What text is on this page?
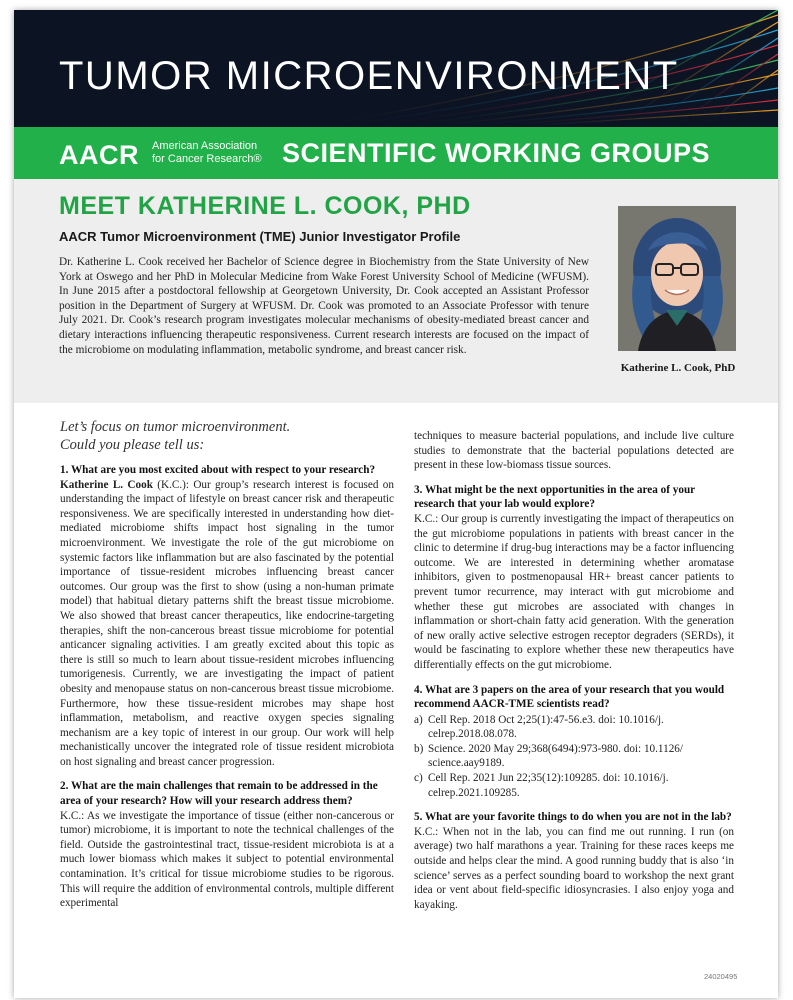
TUMOR MICROENVIRONMENT
AACR American Association
for Cancer Research® SCIENTIFIC WORKING GROUPS
MEET KATHERINE L. COOK, PHD
AACR Tumor Microenvironment (TME) Junior Investigator Profile
Dr. Katherine L. Cook received her Bachelor of Science degree in Biochemistry from the State University of New York at Oswego and her PhD in Molecular Medicine from Wake Forest University School of Medicine (WFUSM). In June 2015 after a postdoctoral fellowship at Georgetown University, Dr. Cook accepted an Assistant Professor position in the Department of Surgery at WFUSM. Dr. Cook was promoted to an Associate Professor with tenure July 2021. Dr. Cook’s research program investigates molecular mechanisms of obesity-mediated breast cancer and dietary interactions influencing therapeutic responsiveness. Current research interests are focused on the impact of the microbiome on modulating inflammation, metabolic syndrome, and breast cancer risk.
Katherine L. Cook, PhD
Let’s focus on tumor microenvironment.
Could you please tell us:
1. What are you most excited about with respect to your research?
Katherine L. Cook (K.C.): Our group’s research interest is focused on understanding the impact of lifestyle on breast cancer risk and therapeutic responsiveness. We are specifically interested in understanding how diet-mediated microbiome shifts impact host signaling in the tumor microenvironment. We investigate the role of the gut microbiome on systemic factors like inflammation but are also fascinated by the potential importance of tissue-resident microbes influencing breast cancer outcomes. Our group was the first to show (using a non-human primate model) that habitual dietary patterns shift the breast tissue microbiome. We also showed that breast cancer therapeutics, like endocrine-targeting therapies, shift the non-cancerous breast tissue microbiome for potential anticancer signaling activities. I am greatly excited about this topic as there is still so much to learn about tissue-resident microbes influencing tumorigenesis. Currently, we are investigating the impact of patient obesity and menopause status on non-cancerous breast tissue microbiome. Furthermore, how these tissue-resident microbes may shape host inflammation, metabolism, and reactive oxygen species signaling mechanism are a key topic of interest in our group. Our work will help mechanistically uncover the integrated role of tissue resident microbiota on host signaling and breast cancer progression.
2. What are the main challenges that remain to be addressed in the area of your research? How will your research address them?
K.C.: As we investigate the importance of tissue (either non-cancerous or tumor) microbiome, it is important to note the technical challenges of the field. Outside the gastrointestinal tract, tissue-resident microbiota is at a much lower biomass which makes it subject to potential environmental contamination. It’s critical for tissue microbiome studies to be rigorous. This will require the addition of environmental controls, multiple different experimental
techniques to measure bacterial populations, and include live culture studies to demonstrate that the bacterial populations detected are present in these low-biomass tissue sources.
3. What might be the next opportunities in the area of your research that your lab would explore?
K.C.: Our group is currently investigating the impact of therapeutics on the gut microbiome populations in patients with breast cancer in the clinic to determine if drug-bug interactions may be a factor influencing outcome. We are interested in determining whether aromatase inhibitors, given to postmenopausal HR+ breast cancer patients to prevent tumor recurrence, may interact with gut microbiome and whether these gut microbes are associated with changes in inflammation or short-chain fatty acid generation. With the generation of new orally active selective estrogen receptor degraders (SERDs), it would be fascinating to explore whether these new therapeutics have differentially effects on the gut microbiome.
4. What are 3 papers on the area of your research that you would recommend AACR-TME scientists read?
a) Cell Rep. 2018 Oct 2;25(1):47-56.e3. doi: 10.1016/j. celrep.2018.08.078.
b) Science. 2020 May 29;368(6494):973-980. doi: 10.1126/ science.aay9189.
c) Cell Rep. 2021 Jun 22;35(12):109285. doi: 10.1016/j. celrep.2021.109285.
5. What are your favorite things to do when you are not in the lab?
K.C.: When not in the lab, you can find me out running. I run (on average) two half marathons a year. Training for these races keeps me outside and helps clear the mind. A good running buddy that is also ‘in science’ serves as a perfect sounding board to workshop the next grant idea or vent about field-specific idiosyncrasies. I also enjoy yoga and kayaking.
24020495
